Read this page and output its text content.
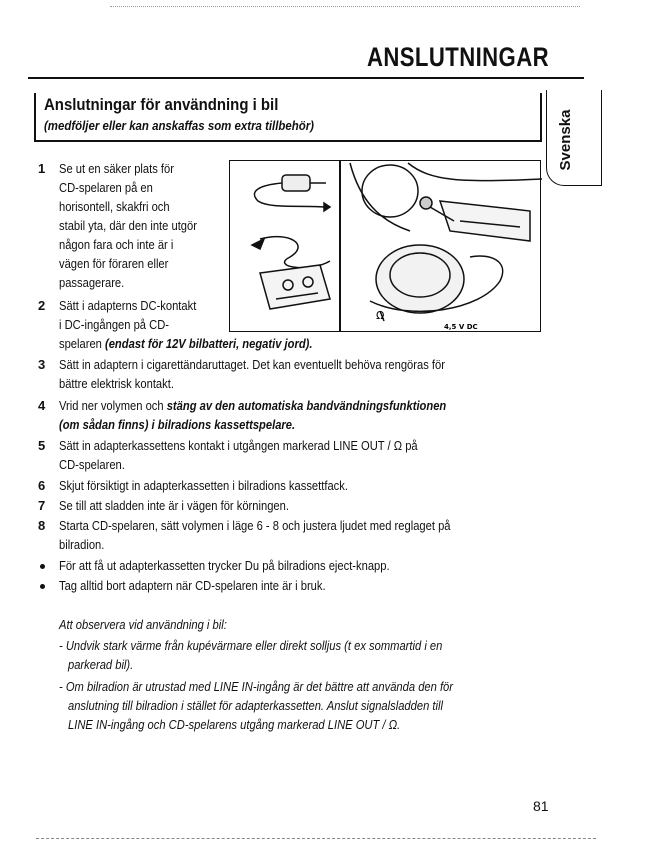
ANSLUTNINGAR
Anslutningar för användning i bil
(medföljer eller kan anskaffas som extra tillbehör)	Svenska
Ω
4,5 V DC
1 Se ut en säker plats för
CD-spelaren på en
horisontell, skakfri och
stabil yta, där den inte utgör
någon fara och inte är i
vägen för föraren eller
passagerare.
2 Sätt i adapterns DC-kontakt
i DC-ingången på CD-
spelaren (endast för 12V bilbatteri, negativ jord).
3 Sätt in adaptern i cigarettändaruttaget. Det kan eventuellt behöva rengöras för
bättre elektrisk kontakt.
4 Vrid ner volymen och stäng av den automatiska bandvändningsfunktionen
(om sådan finns) i bilradions kassettspelare.
5 Sätt in adapterkassettens kontakt i utgången markerad LINE OUT / Ω på
CD-spelaren.
6 Skjut försiktigt in adapterkassetten i bilradions kassettfack.
7 Se till att sladden inte är i vägen för körningen.
8 Starta CD-spelaren, sätt volymen i läge 6 - 8 och justera ljudet med reglaget på
bilradion.
För att få ut adapterkassetten trycker Du på bilradions eject-knapp.
Tag alltid bort adaptern när CD-spelaren inte är i bruk.
Att observera vid användning i bil:
- Undvik stark värme från kupévärmare eller direkt solljus (t ex sommartid i en
parkerad bil).
- Om bilradion är utrustad med LINE IN-ingång är det bättre att använda den för
anslutning till bilradion i stället för adapterkassetten. Anslut signalsladden till
LINE IN-ingång och CD-spelarens utgång markerad LINE OUT / Ω.
81
